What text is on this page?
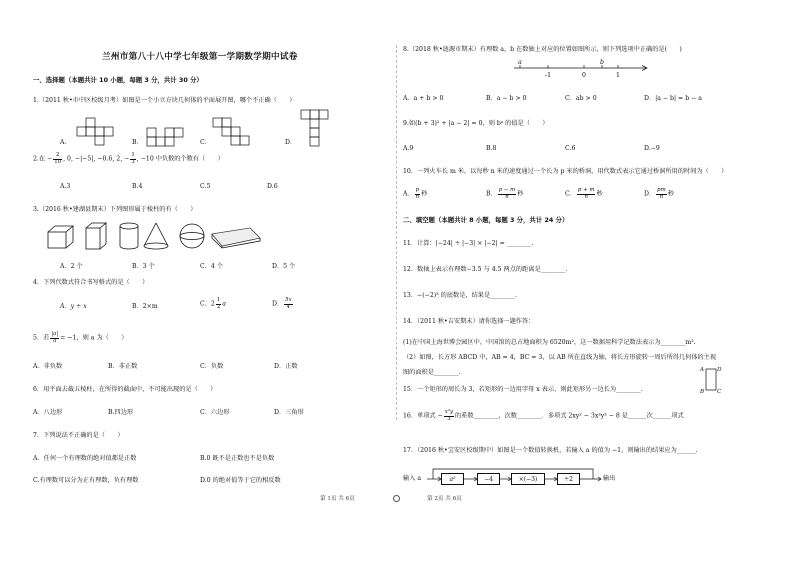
兰州市第八十八中学七年级第一学期数学期中试卷
一、选择题（本题共计 10 小题，每题 3 分，共计 30 分）
1.（2011 秋•市中区校级月考）如图是一个小立方块几何体的平面展开图，哪个不正确（　　）
A．	B．	C．	D．
2.在 − $\frac{2}{10}$ , 0, −|−5|, −0.6, 2, − $\frac{1}{3}$ , −10 中负数的个数有（　　）
A.3	B.4	C.5	D.6
3.（2016 秋•建湖县期末）下列图形属于棱柱的有（　　）
A．2 个	B．3 个	C．4 个	D．5 个
4．下列代数式符合书写格式的是（　　）
A．y ÷ x	B．2×m	C．$2 \frac{1}{2}$ a	D． $\frac{5x}{4}$
5．若 $\frac{|a|}{a} = -1$，则 a 为（　　）
A．非负数	B．非正数	C．负数	D．正数
6．用平面去截五棱柱，在所得的截面中，不可能出现的是（　　）
A．八边形	B.四边形	C．六边形	D．三角形
7．下列说法不正确的是（　　）
A．任何一个有理数的绝对值都是正数	B.0 既不是正数也不是负数
C.有理数可以分为正有理数，负有理数	D.0 的绝对值等于它的相反数
第 1页 共 6页
8.（2018 秋•涟源市期末）有理数 a，b 在数轴上对应的位置如图所示，则下列选项中正确的是(　　)
a	b
-1	0	1
A．a + b > 0	B．a − b > 0	C．ab > 0	D．|a − b| = b − a
9.如(b + 3)² + |a − 2| = 0，则 bᵃ 的值是（　　）
A.9	B.8	C.6	D.−9
10．一列火车长 m 米，以每秒 n 米的速度通过一个长为 p 米的桥洞，用代数式表示它通过桥洞所用的时间为（　　）
A． $\frac{p}{n}$ 秒	B． $\frac{p - m}{n}$ 秒	C． $\frac{p + m}{n}$ 秒	D． $\frac{pm}{n}$ 秒
二、填空题（本题共计 8 小题，每题 3 分，共计 24 分）
11．计算：|−24| ÷ |−3| × |−2| = ________.
12．数轴上表示有理数−3.5 与 4.5 两点的距离是________.
13．−(−2)³ 的底数是，结果是________.
14．（2011 秋•吉安期末）请你选择一题作答：
(1)在中国上海世博会园区中，中国馆的总占地面积为 6520m²，这一数据用科学记数法表示为________m².
（2）如图，长方形 ABCD 中，AB = 4，BC = 3，以 AB 所在直线为轴，将长方形旋转一周后所得几何体的主视
图的面积是________.	A
B C
D
15．一个矩形的周长为 3，若矩形的一边用字母 x 表示，则此矩形另一边长为________.
16．单项式 − $\frac{\text{x²y}}{3}$ 的系数________，次数________．多项式 2xy² − 3x²y³ − 8 是______次______项式
17．（2016 秋•宝安区校级期中）如图是一个数值转换机，若输入 a 的值为 −1，则输出的结果应为______.
输入 a	a²	−4	×(−3)	÷2	输出
第 2页 共 6页
